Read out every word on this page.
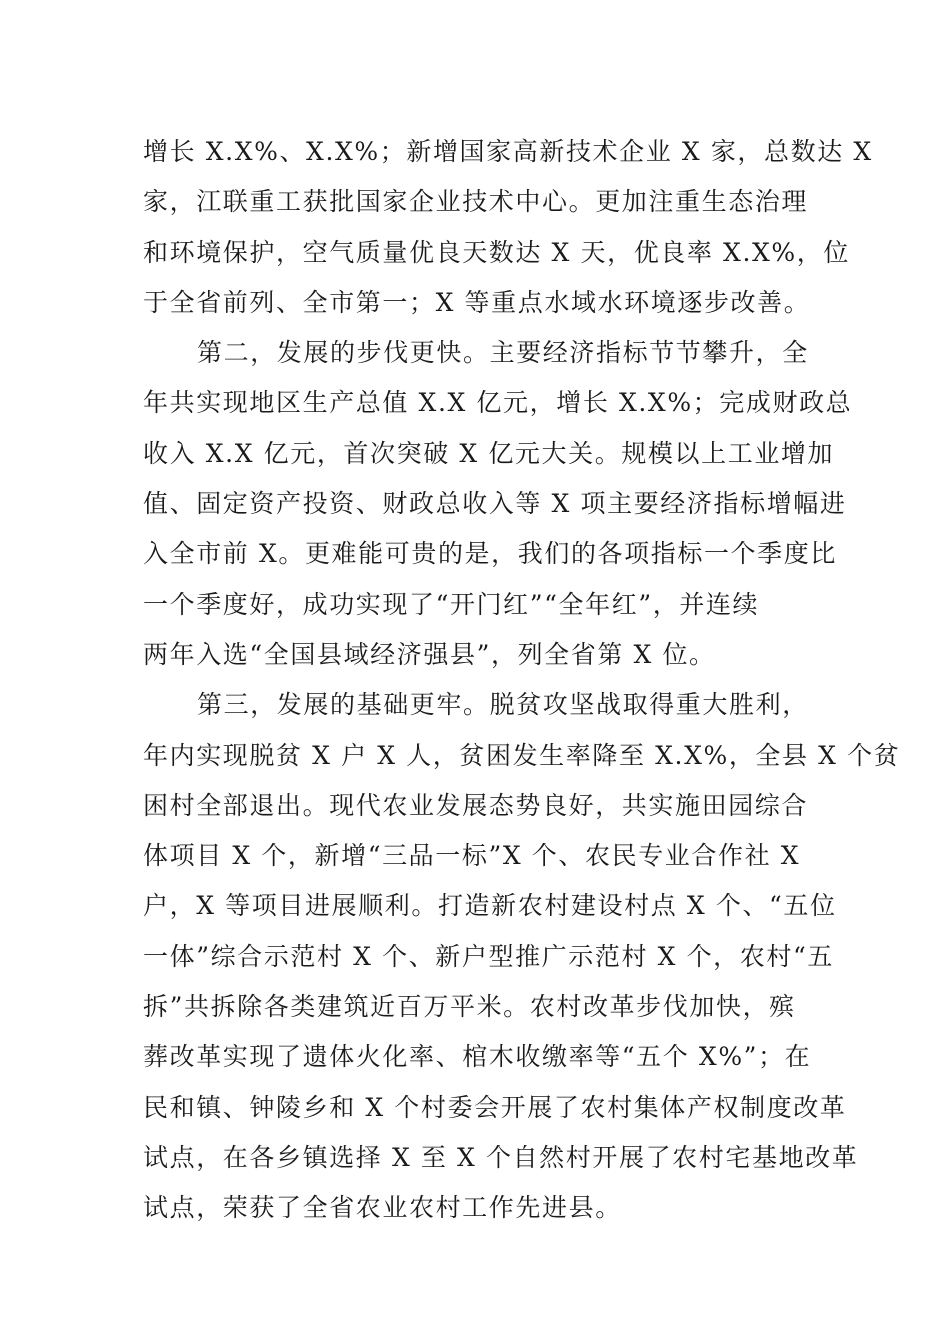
增长 X.X%、X.X%；新增国家高新技术企业 X 家，总数达 X
家，江联重工获批国家企业技术中心。更加注重生态治理
和环境保护，空气质量优良天数达 X 天，优良率 X.X%，位
于全省前列、全市第一；X 等重点水域水环境逐步改善。
第二，发展的步伐更快。主要经济指标节节攀升，全
年共实现地区生产总值 X.X 亿元，增长 X.X%；完成财政总
收入 X.X 亿元，首次突破 X 亿元大关。规模以上工业增加
值、固定资产投资、财政总收入等 X 项主要经济指标增幅进
入全市前 X。更难能可贵的是，我们的各项指标一个季度比
一个季度好，成功实现了“开门红”“全年红”，并连续
两年入选“全国县域经济强县”，列全省第 X 位。
第三，发展的基础更牢。脱贫攻坚战取得重大胜利，
年内实现脱贫 X 户 X 人，贫困发生率降至 X.X%，全县 X 个贫
困村全部退出。现代农业发展态势良好，共实施田园综合
体项目 X 个，新增“三品一标”X 个、农民专业合作社 X
户，X 等项目进展顺利。打造新农村建设村点 X 个、“五位
一体”综合示范村 X 个、新户型推广示范村 X 个，农村“五
拆”共拆除各类建筑近百万平米。农村改革步伐加快，殡
葬改革实现了遗体火化率、棺木收缴率等“五个 X%”；在
民和镇、钟陵乡和 X 个村委会开展了农村集体产权制度改革
试点，在各乡镇选择 X 至 X 个自然村开展了农村宅基地改革
试点，荣获了全省农业农村工作先进县。
